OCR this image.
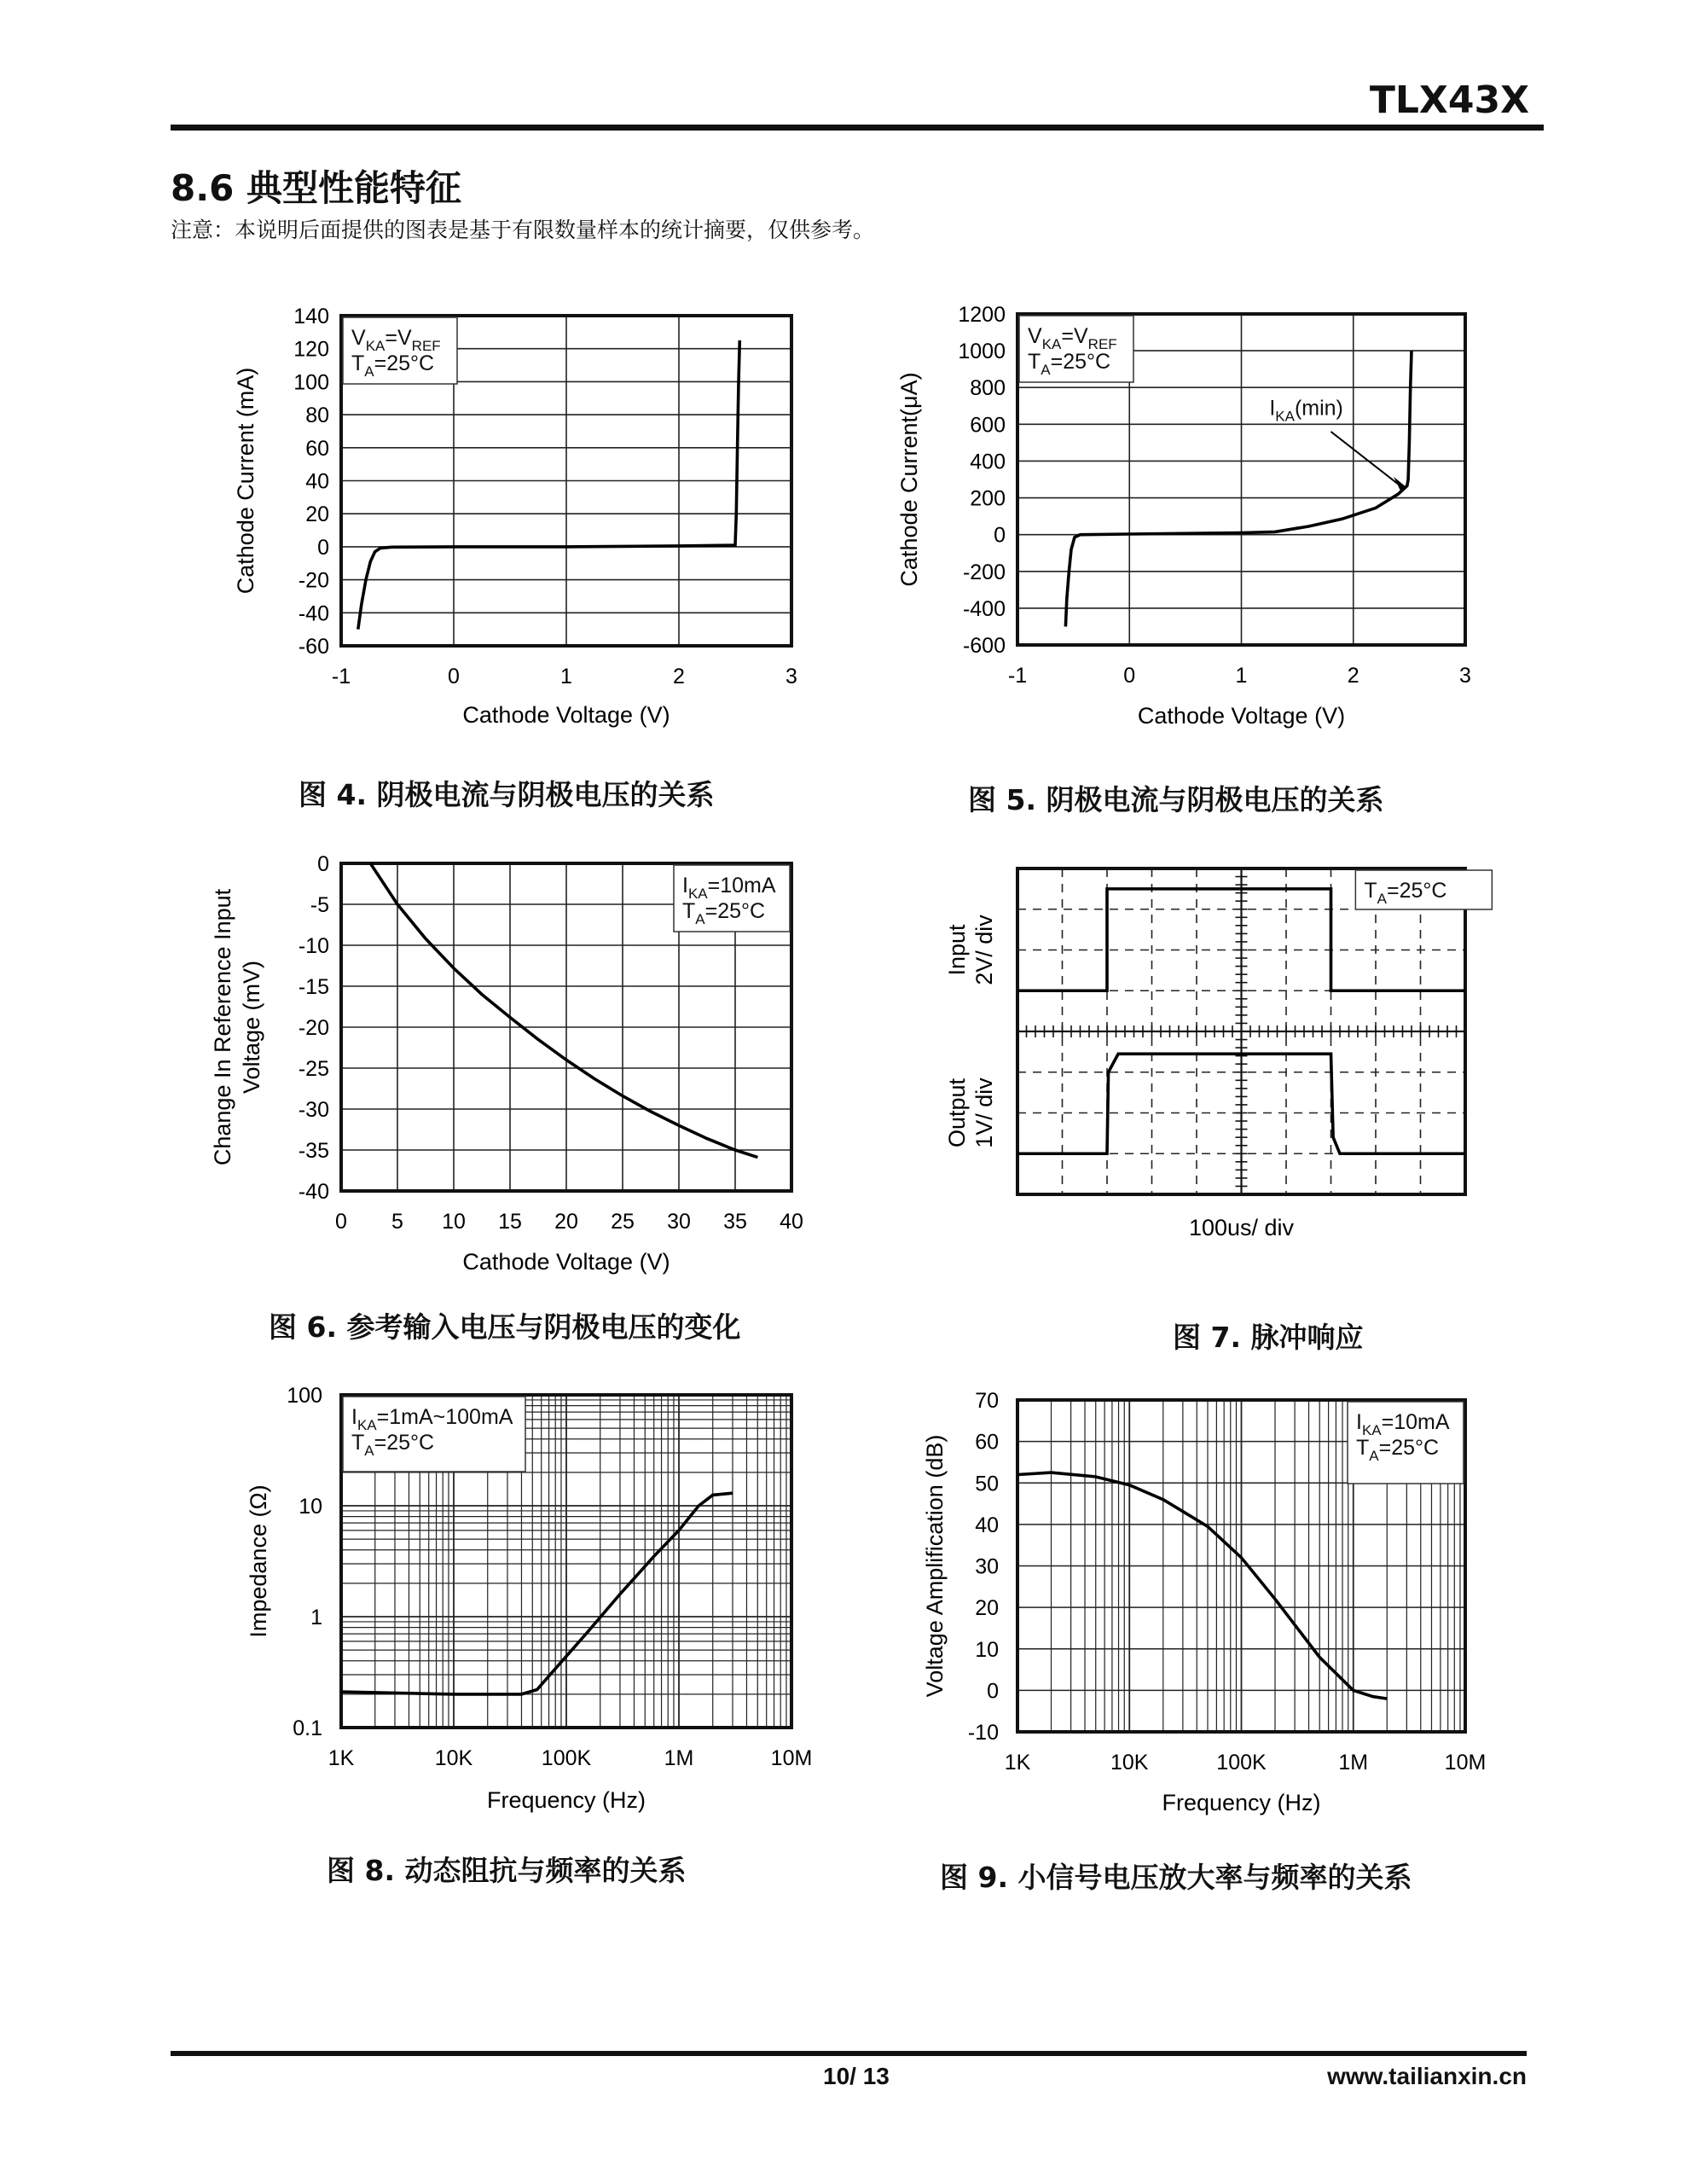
TLX43X
8.6 典型性能特征
注意：本说明后面提供的图表是基于有限数量样本的统计摘要，仅供参考。
-1	0	1	2	3
-60
-40
-20
0
20
40
60
80
100
120
140
$V_{KA}=V_{REF}$
$T_A=25^\circ C$
Cathode Voltage (V)
Cathode Current (mA)
-1	0	1	2	3
-600
-400
-200
0
200
400
600
800
1000
1200
$V_{KA}=V_{REF}$
$T_A=25^\circ C$
$I_{KA}(\min)$
Cathode Voltage (V)
Cathode Current(μA)
0 5 10 15 20 25 30 35 40
-40
-35
-30
-25
-20
-15
-10
-5
0
$I_{KA}=10mA$
$T_A=25^\circ C$
Cathode Voltage (V)
Change In Reference Input Voltage (mV)
$T_A=25^\circ C$
100us/ div
Input2V/ div
Output1V/ div
1K	10K	100K	1M	10M
0.1
1
10
100
$I_{KA}=1mA\sim 100mA$
$T_A=25^\circ C$
Frequency (Hz)
Impedance (Ω)
1K	10K	100K	1M	10M
-10
0
10
20
30
40
50
60
70
$I_{KA}=10mA$
$T_A=25^\circ C$
Frequency (Hz)
Voltage Amplification (dB)
图 4. 阴极电流与阴极电压的关系	图 5. 阴极电流与阴极电压的关系
图 6. 参考输入电压与阴极电压的变化	图 7. 脉冲响应
图 8. 动态阻抗与频率的关系	图 9. 小信号电压放大率与频率的关系
10/ 13	www.tailianxin.cn
